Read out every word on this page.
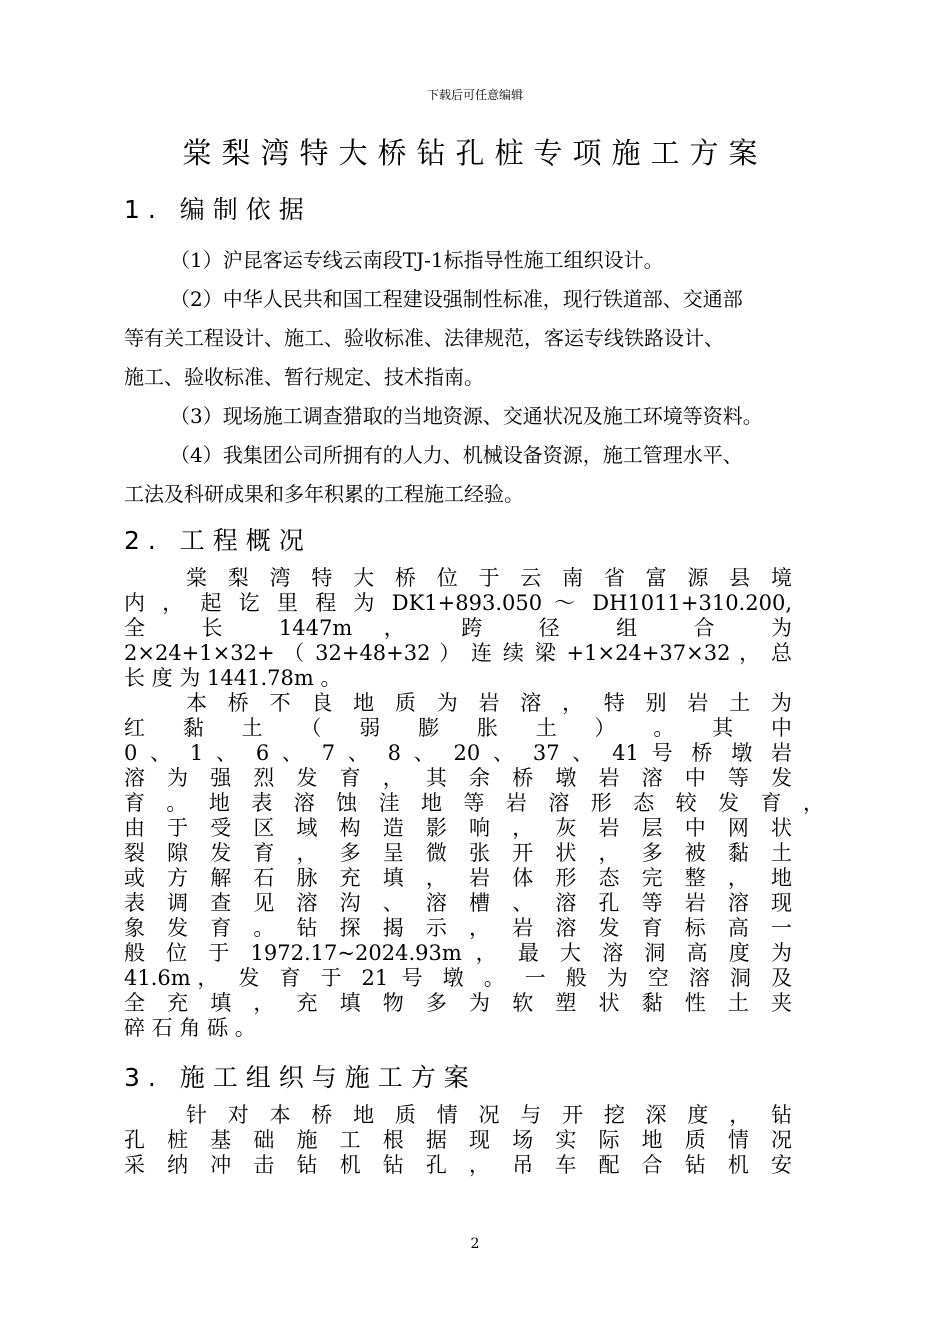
下载后可任意编辑
棠梨湾特大桥钻孔桩专项施工方案
1. 编制依据
（1）沪昆客运专线云南段TJ-1标指导性施工组织设计。
（2）中华人民共和国工程建设强制性标准，现行铁道部、交通部
等有关工程设计、施工、验收标准、法律规范，客运专线铁路设计、
施工、验收标准、暂行规定、技术指南。
（3）现场施工调查猎取的当地资源、交通状况及施工环境等资料。
（4）我集团公司所拥有的人力、机械设备资源，施工管理水平、
工法及科研成果和多年积累的工程施工经验。
2. 工程概况
棠 梨 湾 特 大 桥 位 于 云 南 省 富 源 县 境
内 ， 起 讫 里 程 为 DK1+893.050 ～ DH1011+310.200,
全 长 1447m ， 跨 径 组 合 为
2×24+1×32+ （ 32+48+32 ） 连 续 梁 +1×24+37×32 ， 总
长 度 为 1441.78m 。
本 桥 不 良 地 质 为 岩 溶 ， 特 别 岩 土 为
红 黏 土 （ 弱 膨 胀 土 ） 。 其 中
0 、 1 、 6 、 7 、 8 、 20 、 37 、 41 号 桥 墩 岩
溶 为 强 烈 发 育 ， 其 余 桥 墩 岩 溶 中 等 发
育 。 地 表 溶 蚀 洼 地 等 岩 溶 形 态 较 发 育 ，
由 于 受 区 域 构 造 影 响 ， 灰 岩 层 中 网 状
裂 隙 发 育 ， 多 呈 微 张 开 状 ， 多 被 黏 土
或 方 解 石 脉 充 填 ， 岩 体 形 态 完 整 ， 地
表 调 查 见 溶 沟 、 溶 槽 、 溶 孔 等 岩 溶 现
象 发 育 。 钻 探 揭 示 ， 岩 溶 发 育 标 高 一
般 位 于 1972.17~2024.93m ， 最 大 溶 洞 高 度 为
41.6m， 发 育 于 21 号 墩 。 一 般 为 空 溶 洞 及
全 充 填 ， 充 填 物 多 为 软 塑 状 黏 性 土 夹
碎 石 角 砾 。
3. 施工组织与施工方案
针 对 本 桥 地 质 情 况 与 开 挖 深 度 ， 钻
孔 桩 基 础 施 工 根 据 现 场 实 际 地 质 情 况
采 纳 冲 击 钻 机 钻 孔 ， 吊 车 配 合 钻 机 安
2
